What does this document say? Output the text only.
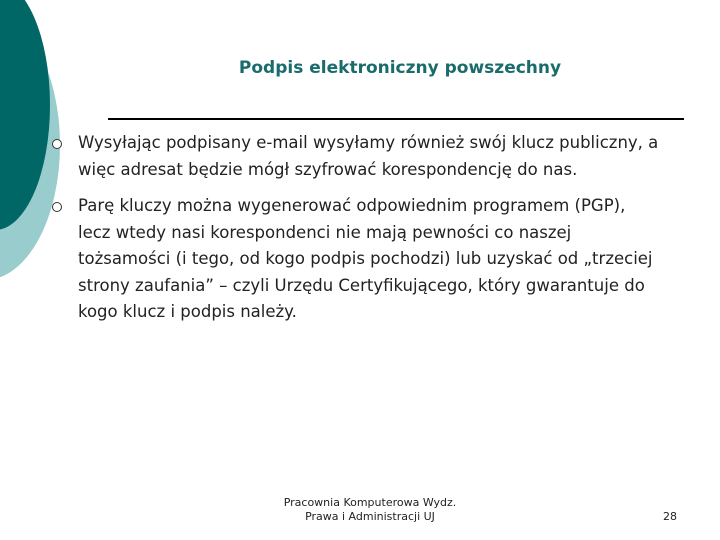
Podpis elektroniczny powszechny
Wysyłając podpisany e-mail wysyłamy również swój klucz publiczny, a więc adresat będzie mógł szyfrować korespondencję do nas.
Parę kluczy można wygenerować odpowiednim programem (PGP), lecz wtedy nasi korespondenci nie mają pewności co naszej tożsamości (i tego, od kogo podpis pochodzi) lub uzyskać od „trzeciej strony zaufania” – czyli Urzędu Certyfikującego, który gwarantuje do kogo klucz i podpis należy.
Pracownia Komputerowa Wydz.
Prawa i Administracji UJ	28
